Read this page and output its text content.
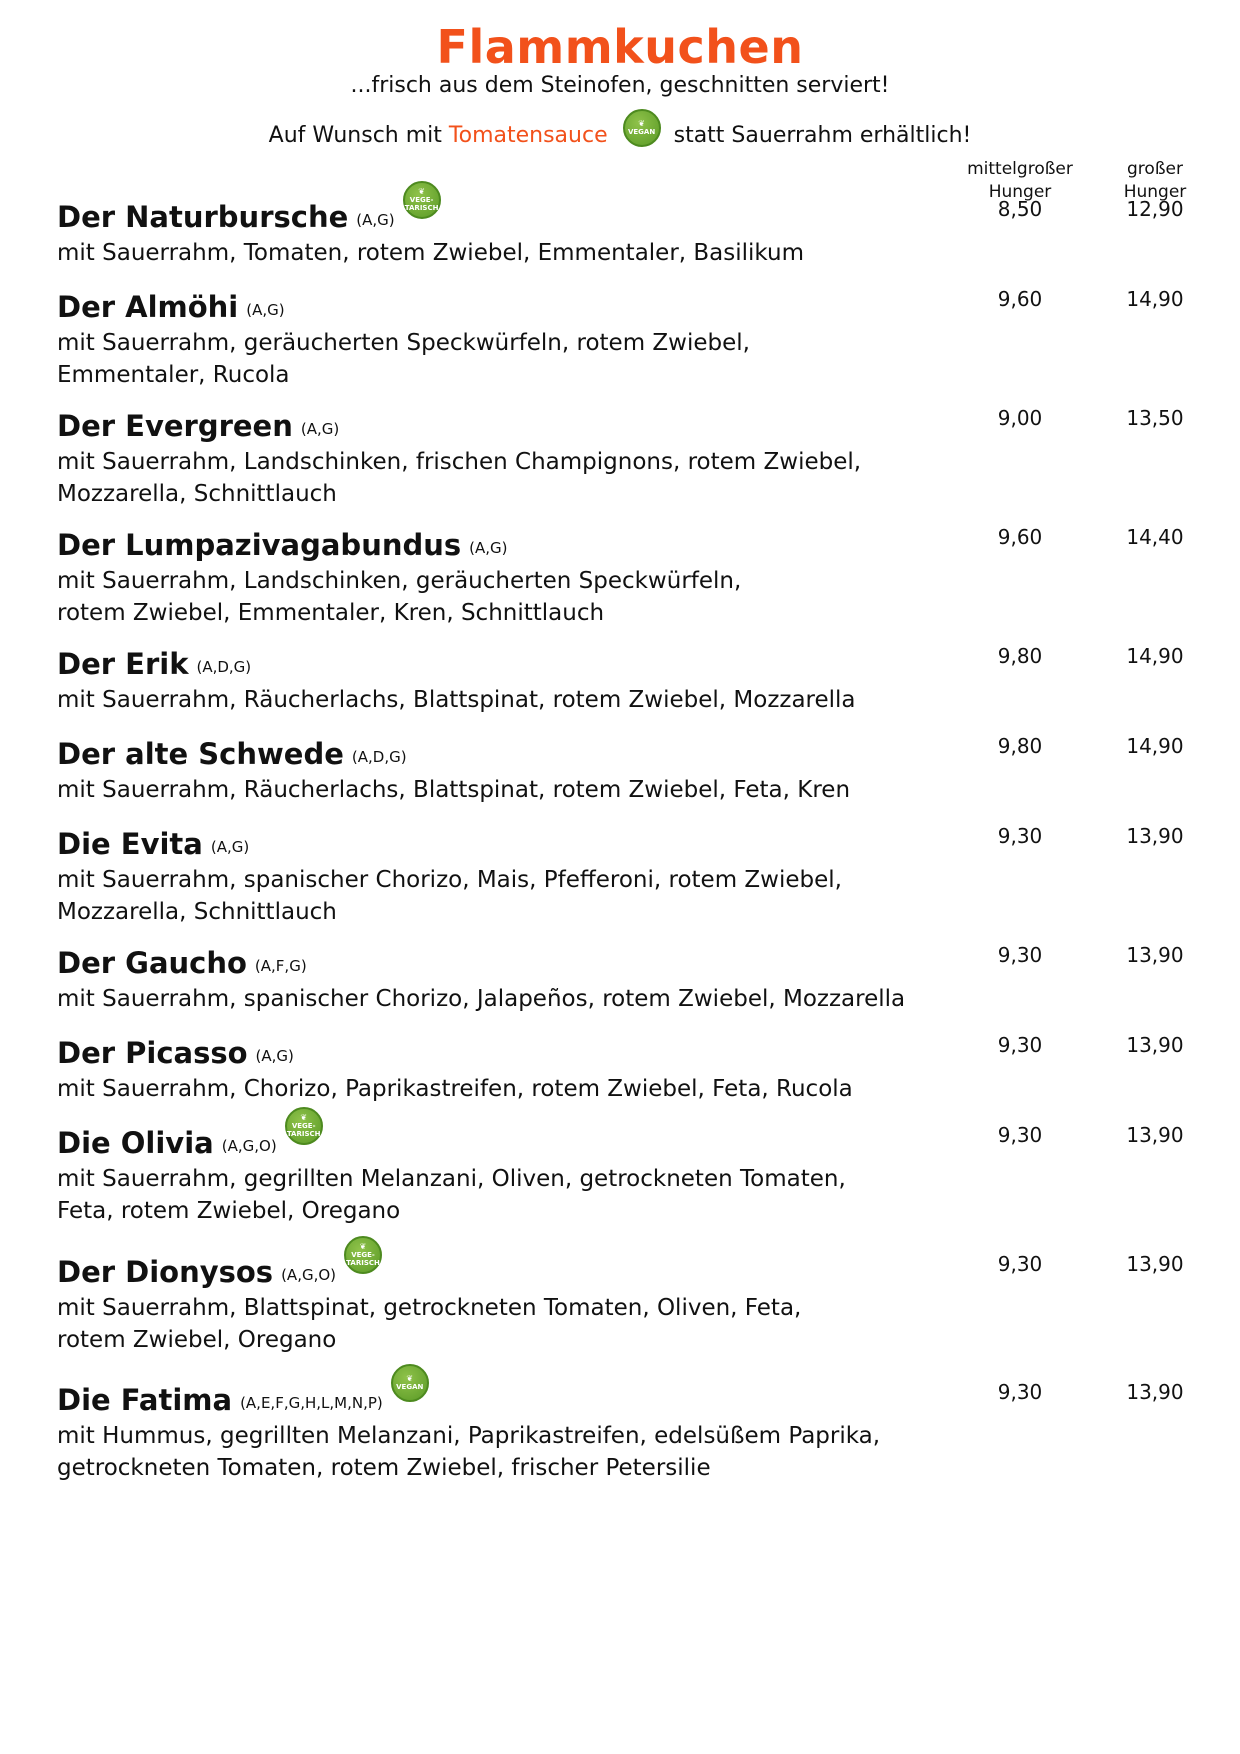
Flammkuchen
...frisch aus dem Steinofen, geschnitten serviert!
Auf Wunsch mit Tomatensauce	❦
VEGAN statt Sauerrahm erhältlich!
mittelgroßer
Hunger
großer
Hunger
Der Naturbursche (A,G)
❦
VEGE-
TARISCH
mit Sauerrahm, Tomaten, rotem Zwiebel, Emmentaler, Basilikum
8,50	12,90
Der Almöhi (A,G)
mit Sauerrahm, geräucherten Speckwürfeln, rotem Zwiebel,
Emmentaler, Rucola
9,60	14,90
Der Evergreen (A,G)
mit Sauerrahm, Landschinken, frischen Champignons, rotem Zwiebel,
Mozzarella, Schnittlauch
9,00	13,50
Der Lumpazivagabundus (A,G)
mit Sauerrahm, Landschinken, geräucherten Speckwürfeln,
rotem Zwiebel, Emmentaler, Kren, Schnittlauch
9,60	14,40
Der Erik (A,D,G)
mit Sauerrahm, Räucherlachs, Blattspinat, rotem Zwiebel, Mozzarella
9,80	14,90
Der alte Schwede (A,D,G)
mit Sauerrahm, Räucherlachs, Blattspinat, rotem Zwiebel, Feta, Kren
9,80	14,90
Die Evita (A,G)
mit Sauerrahm, spanischer Chorizo, Mais, Pfefferoni, rotem Zwiebel,
Mozzarella, Schnittlauch
9,30	13,90
Der Gaucho (A,F,G)
mit Sauerrahm, spanischer Chorizo, Jalapeños, rotem Zwiebel, Mozzarella
9,30	13,90
Der Picasso (A,G)
mit Sauerrahm, Chorizo, Paprikastreifen, rotem Zwiebel, Feta, Rucola
9,30	13,90
Die Olivia (A,G,O)
❦
VEGE-
TARISCH
mit Sauerrahm, gegrillten Melanzani, Oliven, getrockneten Tomaten,
Feta, rotem Zwiebel, Oregano
9,30	13,90
Der Dionysos (A,G,O)
❦
VEGE-
TARISCH
mit Sauerrahm, Blattspinat, getrockneten Tomaten, Oliven, Feta,
rotem Zwiebel, Oregano
9,30	13,90
Die Fatima (A,E,F,G,H,L,M,N,P)
❦
VEGAN
mit Hummus, gegrillten Melanzani, Paprikastreifen, edelsüßem Paprika,
getrockneten Tomaten, rotem Zwiebel, frischer Petersilie
9,30	13,90
